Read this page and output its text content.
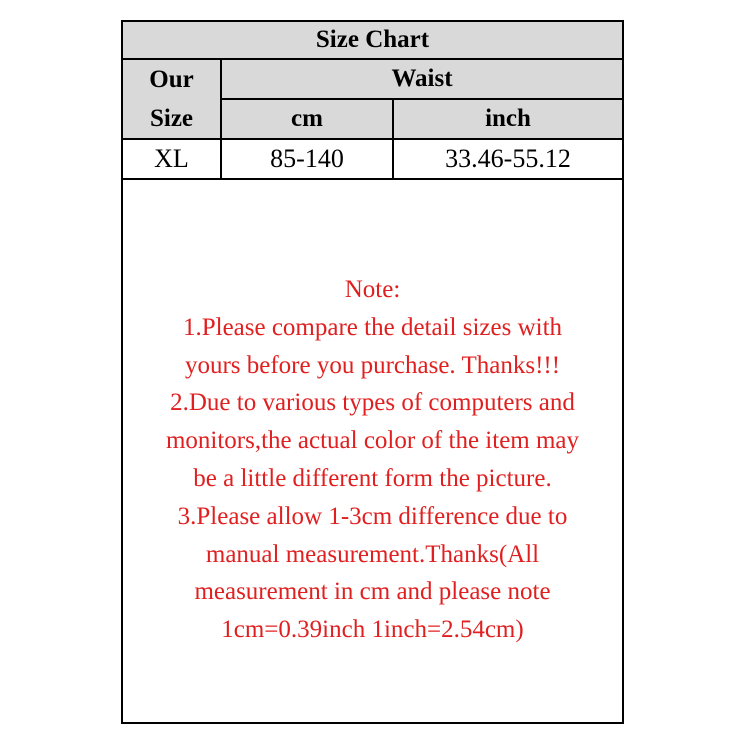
Size Chart		
Our
Size	Waist	
	cm	inch
XL	85-140	33.46-55.12
Note:
1.Please compare the detail sizes with
yours before you purchase. Thanks!!!
2.Due to various types of computers and
monitors,the actual color of the item may
be a little different form the picture.
3.Please allow 1-3cm difference due to
manual measurement.Thanks(All
measurement in cm and please note
1cm=0.39inch 1inch=2.54cm)
